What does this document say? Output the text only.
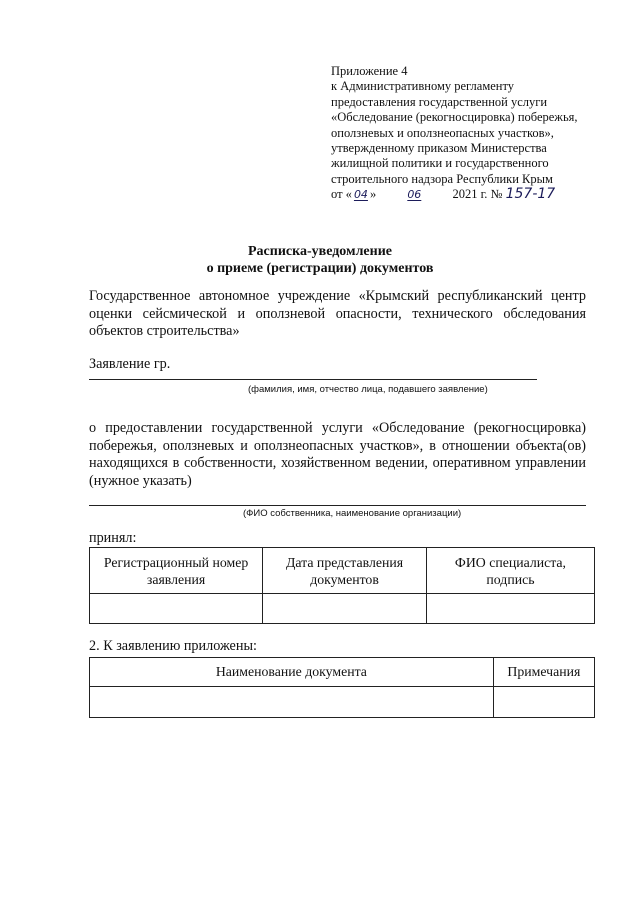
Приложение 4
к Административному регламенту
предоставления государственной услуги
«Обследование (рекогносцировка) побережья,
оползневых и оползнеопасных участков»,
утвержденному приказом Министерства
жилищной политики и государственного
строительного надзора Республики Крым
от « 04 »	06 2021 г. № 157-17
Расписка-уведомление
о приеме (регистрации) документов
Государственное автономное учреждение «Крымский республиканский центр оценки сейсмической и оползневой опасности, технического обследования объектов строительства»
Заявление гр.
(фамилия, имя, отчество лица, подавшего заявление)
о предоставлении государственной услуги «Обследование (рекогносцировка) побережья, оползневых и оползнеопасных участков», в отношении объекта(ов) находящихся в собственности, хозяйственном ведении, оперативном управлении (нужное указать)
(ФИО собственника, наименование организации)
принял:
Регистрационный номер заявления	Дата представления документов	ФИО специалиста, подпись

2. К заявлению приложены:
Наименование документа	Примечания
